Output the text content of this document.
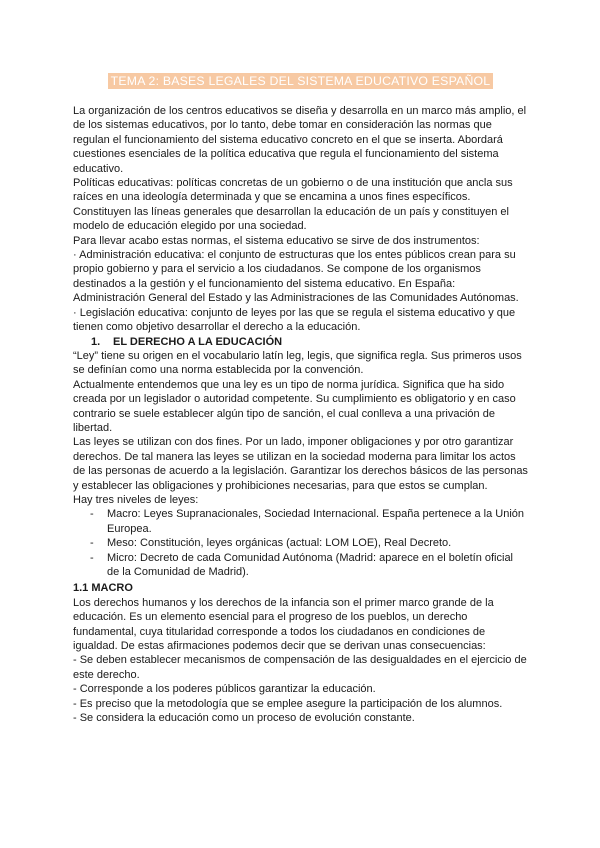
TEMA 2: BASES LEGALES DEL SISTEMA EDUCATIVO ESPAÑOL

La organización de los centros educativos se diseña y desarrolla en un marco más amplio, el de los sistemas educativos, por lo tanto, debe tomar en consideración las normas que regulan el funcionamiento del sistema educativo concreto en el que se inserta. Abordará cuestiones esenciales de la política educativa que regula el funcionamiento del sistema educativo.

Políticas educativas: políticas concretas de un gobierno o de una institución que ancla sus raíces en una ideología determinada y que se encamina a unos fines específicos. Constituyen las líneas generales que desarrollan la educación de un país y constituyen el modelo de educación elegido por una sociedad.

Para llevar acabo estas normas, el sistema educativo se sirve de dos instrumentos:

· Administración educativa: el conjunto de estructuras que los entes públicos crean para su propio gobierno y para el servicio a los ciudadanos. Se compone de los organismos destinados a la gestión y el funcionamiento del sistema educativo. En España: Administración General del Estado y las Administraciones de las Comunidades Autónomas.

· Legislación educativa: conjunto de leyes por las que se regula el sistema educativo y que tienen como objetivo desarrollar el derecho a la educación.

1. EL DERECHO A LA EDUCACIÓN

“Ley” tiene su origen en el vocabulario latín leg, legis, que significa regla. Sus primeros usos se definían como una norma establecida por la convención.

Actualmente entendemos que una ley es un tipo de norma jurídica. Significa que ha sido creada por un legislador o autoridad competente. Su cumplimiento es obligatorio y en caso contrario se suele establecer algún tipo de sanción, el cual conlleva a una privación de libertad.

Las leyes se utilizan con dos fines. Por un lado, imponer obligaciones y por otro garantizar derechos. De tal manera las leyes se utilizan en la sociedad moderna para limitar los actos de las personas de acuerdo a la legislación. Garantizar los derechos básicos de las personas y establecer las obligaciones y prohibiciones necesarias, para que estos se cumplan.

Hay tres niveles de leyes:

- Macro: Leyes Supranacionales, Sociedad Internacional. España pertenece a la Unión Europea.
- Meso: Constitución, leyes orgánicas (actual: LOM LOE), Real Decreto.
- Micro: Decreto de cada Comunidad Autónoma (Madrid: aparece en el boletín oficial de la Comunidad de Madrid).
1.1 MACRO

Los derechos humanos y los derechos de la infancia son el primer marco grande de la educación. Es un elemento esencial para el progreso de los pueblos, un derecho fundamental, cuya titularidad corresponde a todos los ciudadanos en condiciones de igualdad. De estas afirmaciones podemos decir que se derivan unas consecuencias:

- Se deben establecer mecanismos de compensación de las desigualdades en el ejercicio de este derecho.

- Corresponde a los poderes públicos garantizar la educación.

- Es preciso que la metodología que se emplee asegure la participación de los alumnos.

- Se considera la educación como un proceso de evolución constante.
